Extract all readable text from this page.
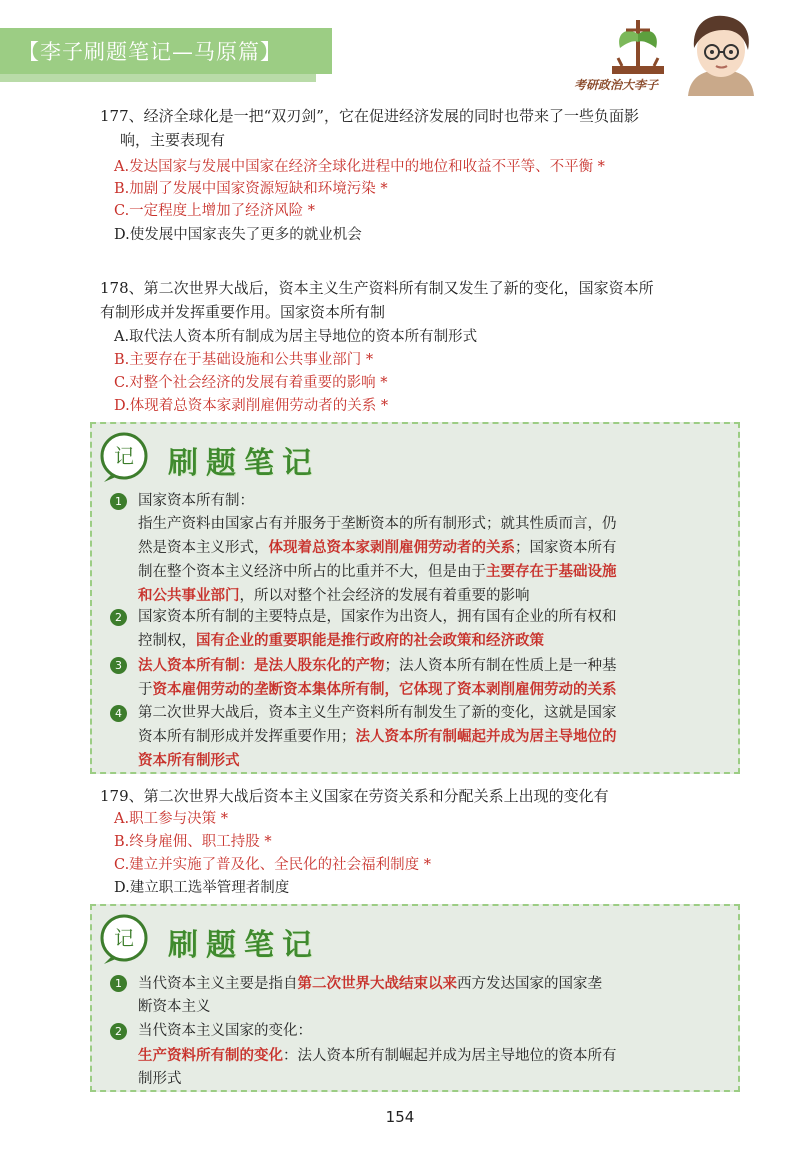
【李子刷题笔记—马原篇】
考研政治大李子
177、经济全球化是一把“双刃剑”，它在促进经济发展的同时也带来了一些负面影
响，主要表现有
A.发达国家与发展中国家在经济全球化进程中的地位和收益不平等、不平衡 *
B.加剧了发展中国家资源短缺和环境污染 *
C.一定程度上增加了经济风险 *
D.使发展中国家丧失了更多的就业机会
178、第二次世界大战后，资本主义生产资料所有制又发生了新的变化，国家资本所
有制形成并发挥重要作用。国家资本所有制
A.取代法人资本所有制成为居主导地位的资本所有制形式
B.主要存在于基础设施和公共事业部门 *
C.对整个社会经济的发展有着重要的影响 *
D.体现着总资本家剥削雇佣劳动者的关系 *
记 刷题笔记
1	国家资本所有制：
指生产资料由国家占有并服务于垄断资本的所有制形式；就其性质而言，仍
然是资本主义形式，体现着总资本家剥削雇佣劳动者的关系；国家资本所有
制在整个资本主义经济中所占的比重并不大，但是由于主要存在于基础设施
和公共事业部门，所以对整个社会经济的发展有着重要的影响
2	国家资本所有制的主要特点是，国家作为出资人，拥有国有企业的所有权和
控制权，国有企业的重要职能是推行政府的社会政策和经济政策
3	法人资本所有制：是法人股东化的产物；法人资本所有制在性质上是一种基
于资本雇佣劳动的垄断资本集体所有制，它体现了资本剥削雇佣劳动的关系
4	第二次世界大战后，资本主义生产资料所有制发生了新的变化，这就是国家
资本所有制形成并发挥重要作用；法人资本所有制崛起并成为居主导地位的
资本所有制形式
179、第二次世界大战后资本主义国家在劳资关系和分配关系上出现的变化有
A.职工参与决策 *
B.终身雇佣、职工持股 *
C.建立并实施了普及化、全民化的社会福利制度 *
D.建立职工选举管理者制度
记 刷题笔记
1	当代资本主义主要是指自第二次世界大战结束以来西方发达国家的国家垄
断资本主义
2	当代资本主义国家的变化：
生产资料所有制的变化：法人资本所有制崛起并成为居主导地位的资本所有
制形式
154
